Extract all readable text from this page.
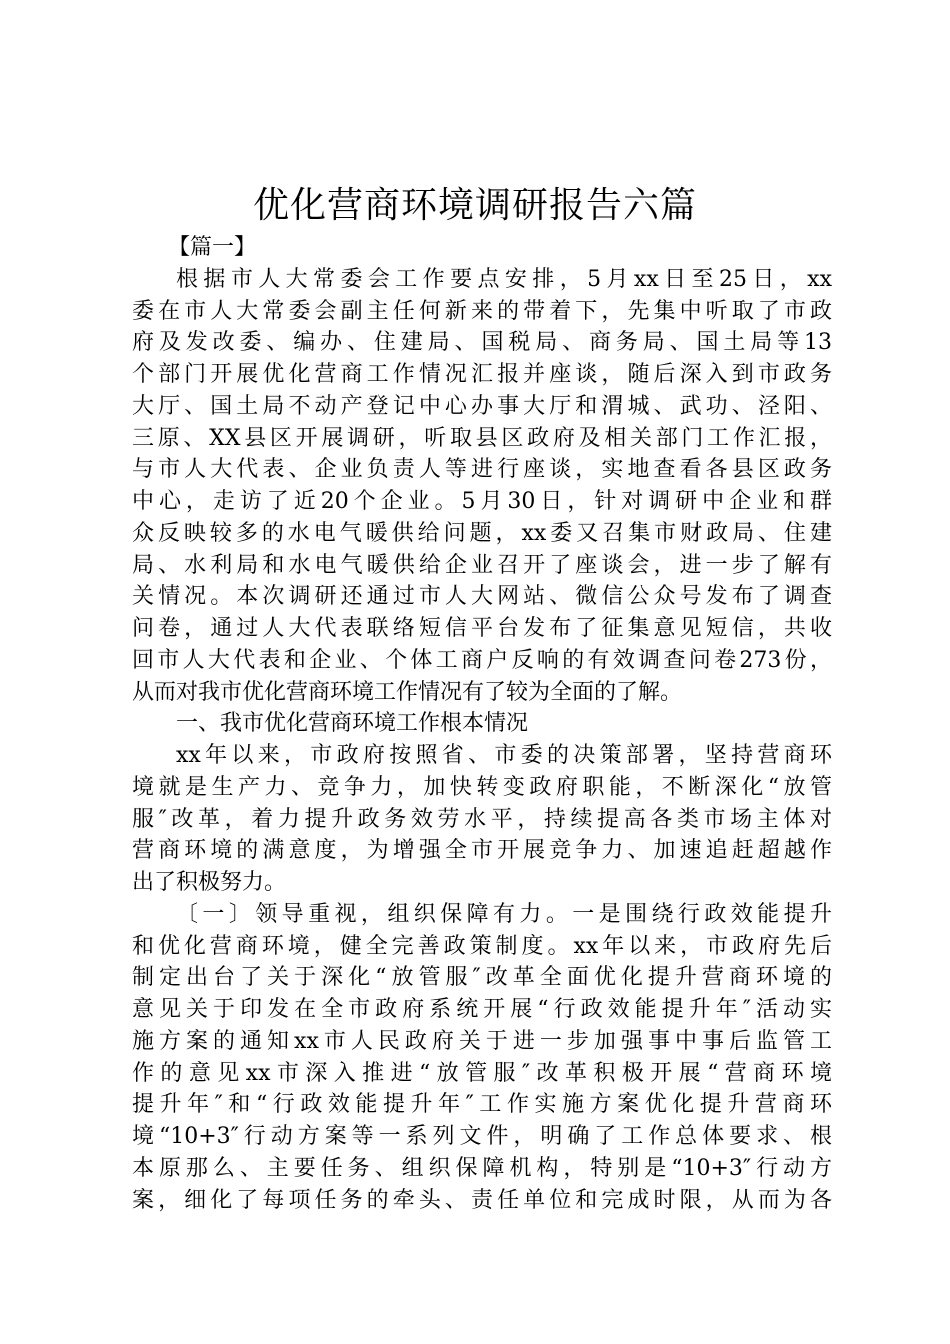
优化营商环境调研报告六篇
【篇一】
根据市人大常委会工作要点安排，5月xx日至25日，xx
委在市人大常委会副主任何新来的带着下，先集中听取了市政
府及发改委、编办、住建局、国税局、商务局、国土局等13
个部门开展优化营商工作情况汇报并座谈，随后深入到市政务
大厅、国土局不动产登记中心办事大厅和渭城、武功、泾阳、
三原、XX县区开展调研，听取县区政府及相关部门工作汇报，
与市人大代表、企业负责人等进行座谈，实地查看各县区政务
中心，走访了近20个企业。5月30日，针对调研中企业和群
众反映较多的水电气暖供给问题，xx委又召集市财政局、住建
局、水利局和水电气暖供给企业召开了座谈会，进一步了解有
关情况。本次调研还通过市人大网站、微信公众号发布了调查
问卷，通过人大代表联络短信平台发布了征集意见短信，共收
回市人大代表和企业、个体工商户反响的有效调查问卷273份，
从而对我市优化营商环境工作情况有了较为全面的了解。
一、我市优化营商环境工作根本情况
xx年以来，市政府按照省、市委的决策部署，坚持营商环
境就是生产力、竞争力，加快转变政府职能，不断深化“放管
服″改革，着力提升政务效劳水平，持续提高各类市场主体对
营商环境的满意度，为增强全市开展竞争力、加速追赶超越作
出了积极努力。
〔一〕领导重视，组织保障有力。一是围绕行政效能提升
和优化营商环境，健全完善政策制度。xx年以来，市政府先后
制定出台了关于深化“放管服″改革全面优化提升营商环境的
意见关于印发在全市政府系统开展“行政效能提升年″活动实
施方案的通知xx市人民政府关于进一步加强事中事后监管工
作的意见xx市深入推进“放管服″改革积极开展“营商环境
提升年″和“行政效能提升年″工作实施方案优化提升营商环
境“10+3″行动方案等一系列文件，明确了工作总体要求、根
本原那么、主要任务、组织保障机构，特别是“10+3″行动方
案，细化了每项任务的牵头、责任单位和完成时限，从而为各
